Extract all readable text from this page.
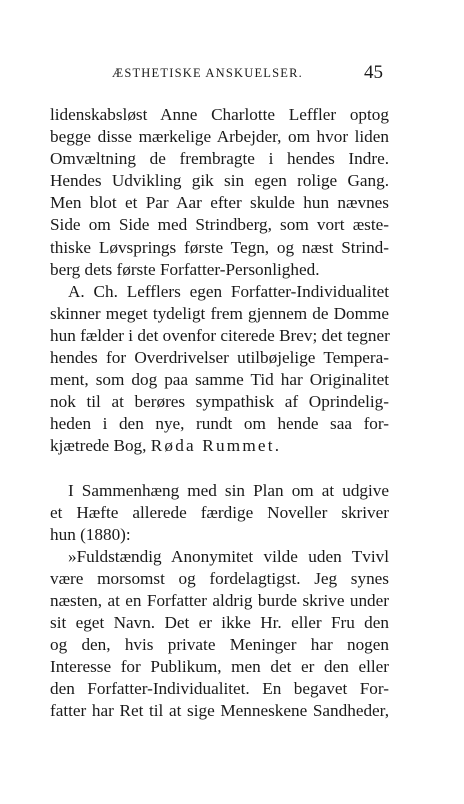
ÆSTHETISKE ANSKUELSER.	45
lidenskabsløst Anne Charlotte Leffler optog
begge disse mærkelige Arbejder, om hvor liden
Omvæltning de frembragte i hendes Indre.
Hendes Udvikling gik sin egen rolige Gang.
Men blot et Par Aar efter skulde hun nævnes
Side om Side med Strindberg, som vort æste-
thiske Løvsprings første Tegn, og næst Strind-
berg dets første Forfatter-Personlighed.
A. Ch. Lefflers egen Forfatter-Individualitet
skinner meget tydeligt frem gjennem de Domme
hun fælder i det ovenfor citerede Brev; det tegner
hendes for Overdrivelser utilbøjelige Tempera-
ment, som dog paa samme Tid har Originalitet
nok til at berøres sympathisk af Oprindelig-
heden i den nye, rundt om hende saa for-
kjætrede Bog, Røda Rummet.
I Sammenhæng med sin Plan om at udgive
et Hæfte allerede færdige Noveller skriver
hun (1880):
»Fuldstændig Anonymitet vilde uden Tvivl
være morsomst og fordelagtigst. Jeg synes
næsten, at en Forfatter aldrig burde skrive under
sit eget Navn. Det er ikke Hr. eller Fru den
og den, hvis private Meninger har nogen
Interesse for Publikum, men det er den eller
den Forfatter-Individualitet. En begavet For-
fatter har Ret til at sige Menneskene Sandheder,
